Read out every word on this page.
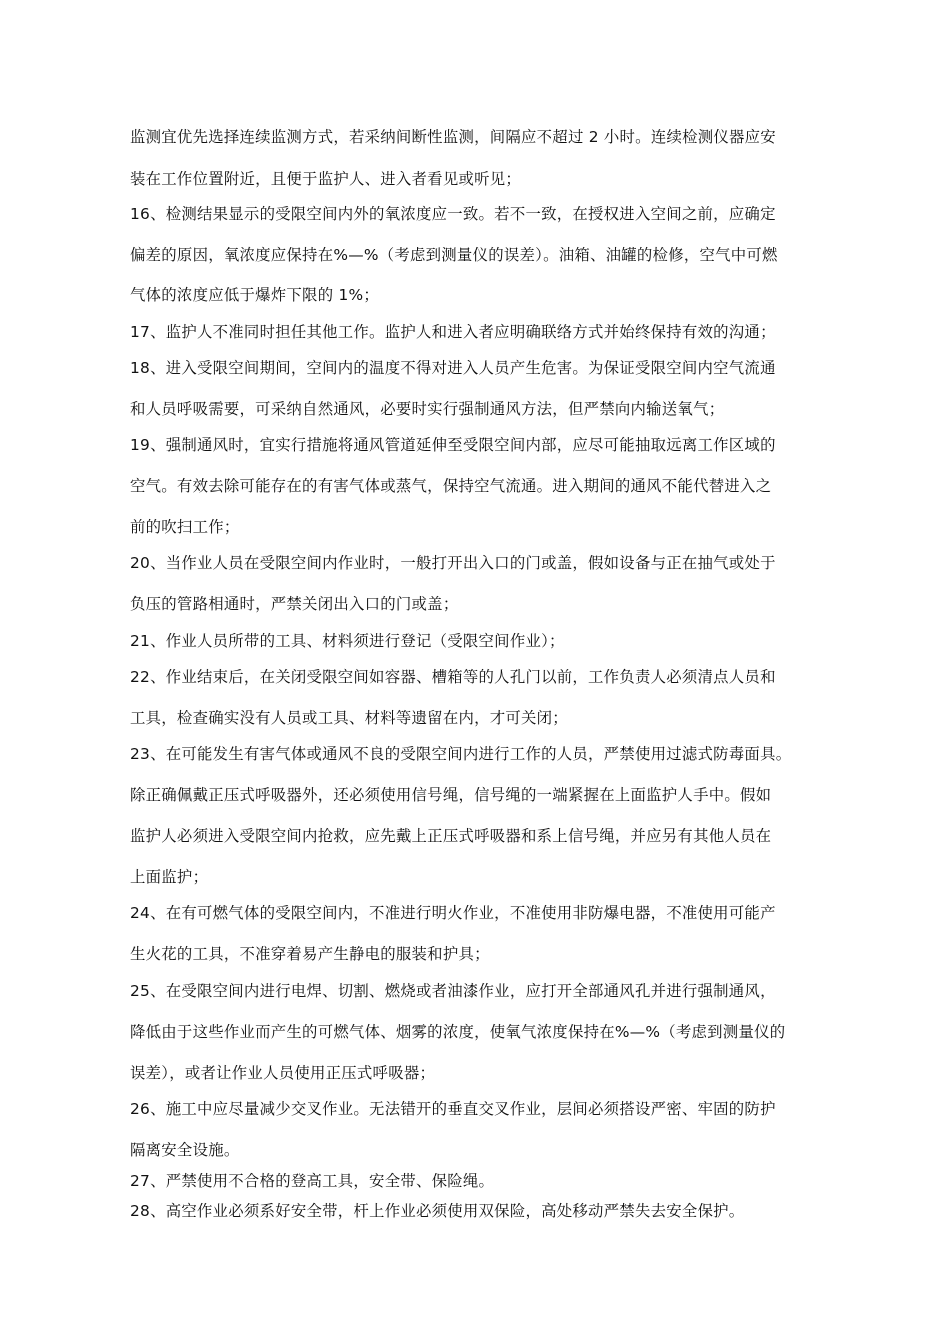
监测宜优先选择连续监测方式，若采纳间断性监测，间隔应不超过 2 小时。连续检测仪器应安
装在工作位置附近，且便于监护人、进入者看见或听见；
16、检测结果显示的受限空间内外的氧浓度应一致。若不一致，在授权进入空间之前，应确定
偏差的原因，氧浓度应保持在%—%（考虑到测量仪的误差）。油箱、油罐的检修，空气中可燃
气体的浓度应低于爆炸下限的 1%；
17、监护人不准同时担任其他工作。监护人和进入者应明确联络方式并始终保持有效的沟通；
18、进入受限空间期间，空间内的温度不得对进入人员产生危害。为保证受限空间内空气流通
和人员呼吸需要，可采纳自然通风，必要时实行强制通风方法，但严禁向内输送氧气；
19、强制通风时，宜实行措施将通风管道延伸至受限空间内部，应尽可能抽取远离工作区域的
空气。有效去除可能存在的有害气体或蒸气，保持空气流通。进入期间的通风不能代替进入之
前的吹扫工作；
20、当作业人员在受限空间内作业时，一般打开出入口的门或盖，假如设备与正在抽气或处于
负压的管路相通时，严禁关闭出入口的门或盖；
21、作业人员所带的工具、材料须进行登记（受限空间作业）；
22、作业结束后，在关闭受限空间如容器、槽箱等的人孔门以前，工作负责人必须清点人员和
工具，检查确实没有人员或工具、材料等遗留在内，才可关闭；
23、在可能发生有害气体或通风不良的受限空间内进行工作的人员，严禁使用过滤式防毒面具。
除正确佩戴正压式呼吸器外，还必须使用信号绳，信号绳的一端紧握在上面监护人手中。假如
监护人必须进入受限空间内抢救，应先戴上正压式呼吸器和系上信号绳，并应另有其他人员在
上面监护；
24、在有可燃气体的受限空间内，不准进行明火作业，不准使用非防爆电器，不准使用可能产
生火花的工具，不准穿着易产生静电的服装和护具；
25、在受限空间内进行电焊、切割、燃烧或者油漆作业，应打开全部通风孔并进行强制通风，
降低由于这些作业而产生的可燃气体、烟雾的浓度，使氧气浓度保持在%—%（考虑到测量仪的
误差），或者让作业人员使用正压式呼吸器；
26、施工中应尽量减少交叉作业。无法错开的垂直交叉作业，层间必须搭设严密、牢固的防护
隔离安全设施。
27、严禁使用不合格的登高工具，安全带、保险绳。
28、高空作业必须系好安全带，杆上作业必须使用双保险，高处移动严禁失去安全保护。
